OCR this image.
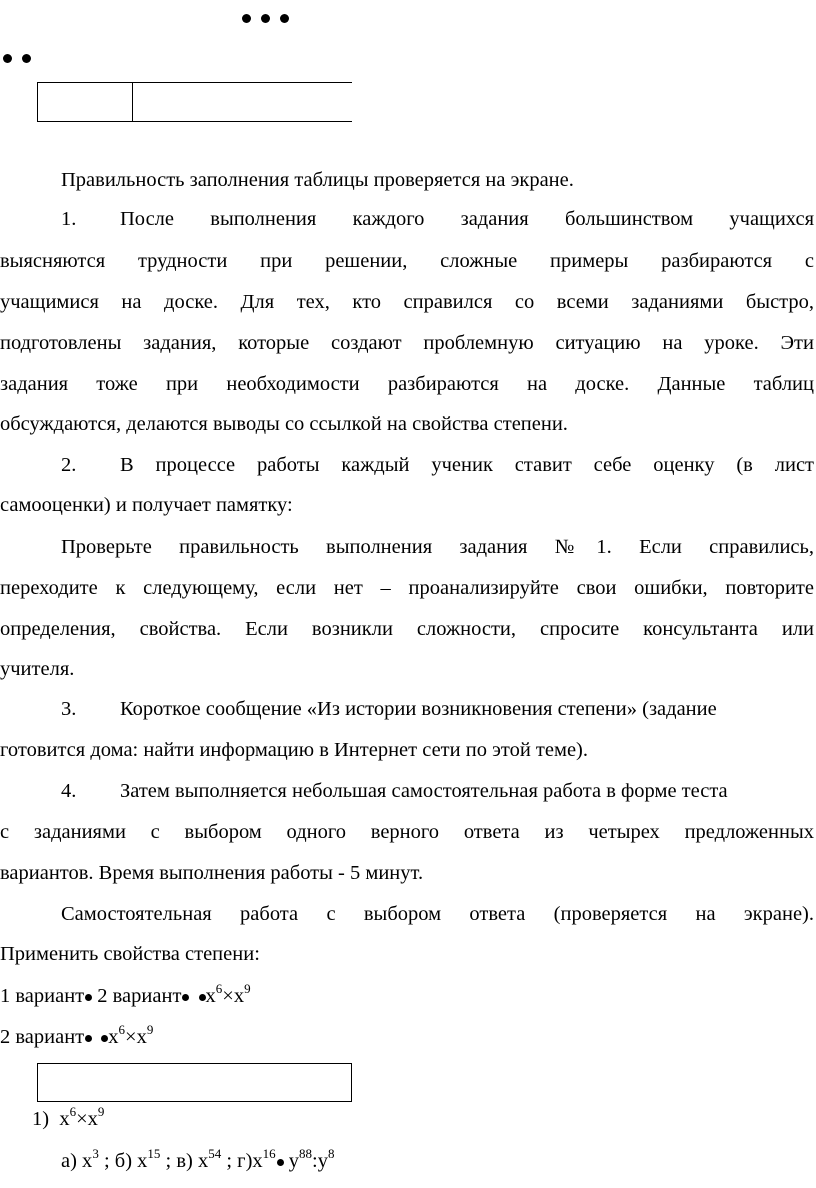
Правильность заполнения таблицы проверяется на экране.
1. После выполнения каждого задания большинством учащихся
выясняются трудности при решении, сложные примеры разбираются с
учащимися на доске. Для тех, кто справился со всеми заданиями быстро,
подготовлены задания, которые создают проблемную ситуацию на уроке. Эти
задания тоже при необходимости разбираются на доске. Данные таблиц
обсуждаются, делаются выводы со ссылкой на свойства степени.
2. В процессе работы каждый ученик ставит себе оценку (в лист
самооценки) и получает памятку:
Проверьте правильность выполнения задания №1. Если справились,
переходите к следующему, если нет – проанализируйте свои ошибки, повторите
определения, свойства. Если возникли сложности, спросите консультанта или
учителя.
3. Короткое сообщение «Из истории возникновения степени» (задание
готовится дома: найти информацию в Интернет сети по этой теме).
4. Затем выполняется небольшая самостоятельная работа в форме теста
с заданиями с выбором одного верного ответа из четырех предложенных
вариантов. Время выполнения работы - 5 минут.
Самостоятельная работа с выбором ответа (проверяется на экране).
Применить свойства степени:
1 вариант 2 вариант $x^6\times x^9$
2 вариант $x^6\times x^9$
1) $x^6\times x^9$
а) $x^3$ ; б) $x^{15}$ ; в) $x^{54}$ ; $г)x^{16}$ $y^{88}:y^8$
